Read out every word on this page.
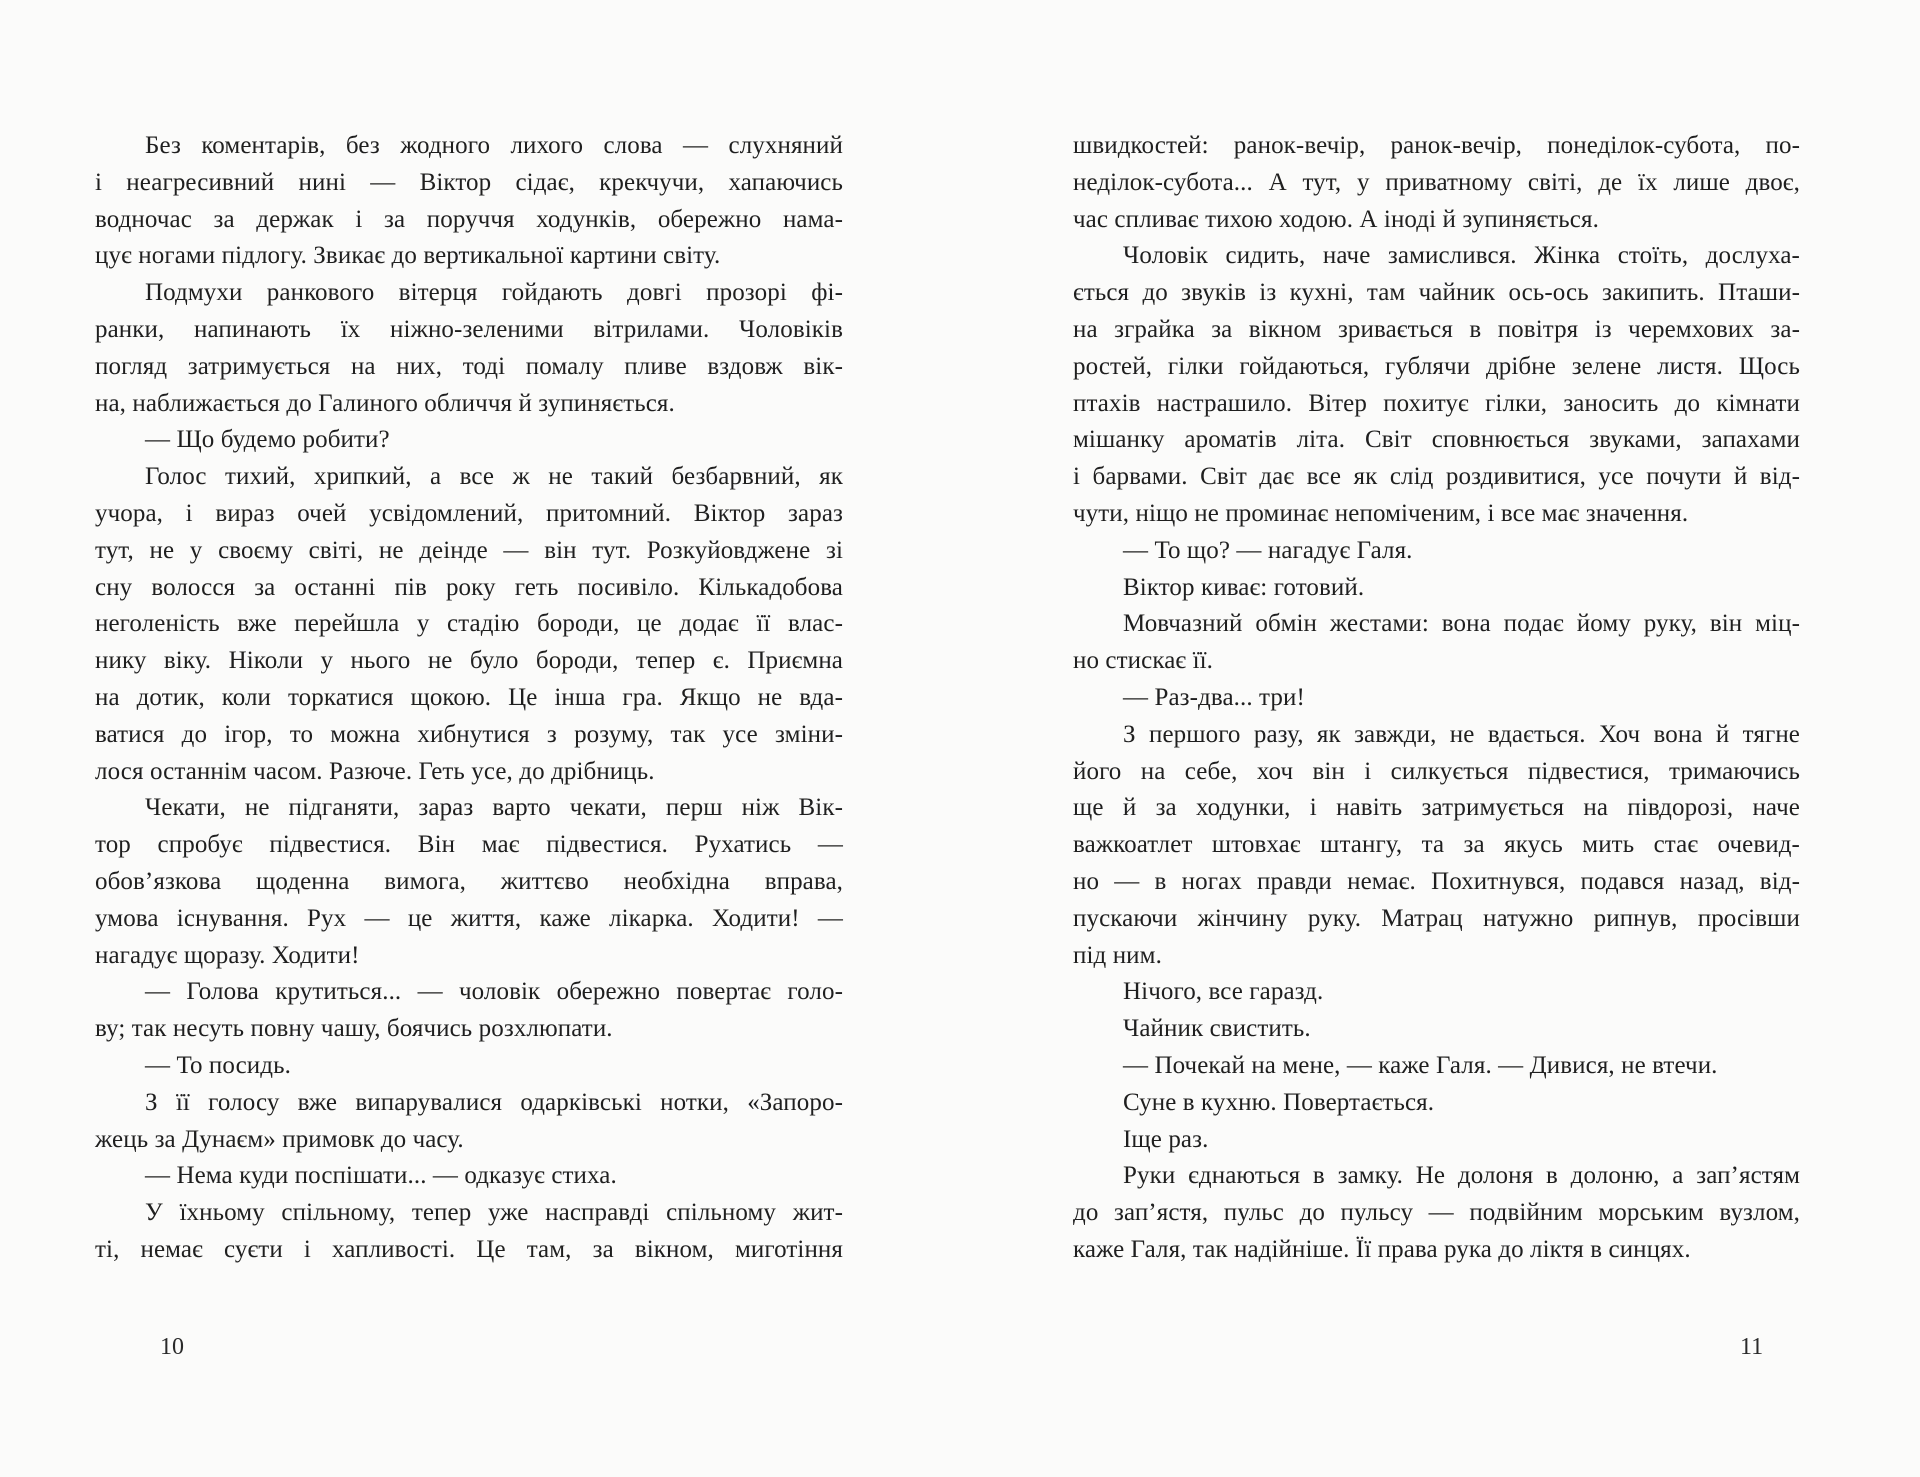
Без коментарів, без жодного лихого слова — слухняний
і неагресивний нині — Віктор сідає, крекчучи, хапаючись
водночас за держак і за поруччя ходунків, обережно нама-
цує ногами підлогу. Звикає до вертикальної картини світу.
Подмухи ранкового вітерця гойдають довгі прозорі фі-
ранки, напинають їх ніжно-зеленими вітрилами. Чоловіків
погляд затримується на них, тоді помалу пливе вздовж вік-
на, наближається до Галиного обличчя й зупиняється.
— Що будемо робити?
Голос тихий, хрипкий, а все ж не такий безбарвний, як
учора, і вираз очей усвідомлений, притомний. Віктор зараз
тут, не у своєму світі, не деінде — він тут. Розкуйовджене зі
сну волосся за останні пів року геть посивіло. Кількадобова
неголеність вже перейшла у стадію бороди, це додає її влас-
нику віку. Ніколи у нього не було бороди, тепер є. Приємна
на дотик, коли торкатися щокою. Це інша гра. Якщо не вда-
ватися до ігор, то можна хибнутися з розуму, так усе зміни-
лося останнім часом. Разюче. Геть усе, до дрібниць.
Чекати, не підганяти, зараз варто чекати, перш ніж Вік-
тор спробує підвестися. Він має підвестися. Рухатись —
обов’язкова щоденна вимога, життєво необхідна вправа,
умова існування. Рух — це життя, каже лікарка. Ходити! —
нагадує щоразу. Ходити!
— Голова крутиться... — чоловік обережно повертає голо-
ву; так несуть повну чашу, боячись розхлюпати.
— То посидь.
З її голосу вже випарувалися одарківські нотки, «Запоро-
жець за Дунаєм» примовк до часу.
— Нема куди поспішати... — одказує стиха.
У їхньому спільному, тепер уже насправді спільному жит-
ті, немає суєти і хапливості. Це там, за вікном, миготіння
10
швидкостей: ранок-вечір, ранок-вечір, понеділок-субота, по-
неділок-субота... А тут, у приватному світі, де їх лише двоє,
час спливає тихою ходою. А іноді й зупиняється.
Чоловік сидить, наче замислився. Жінка стоїть, дослуха-
ється до звуків із кухні, там чайник ось-ось закипить. Пташи-
на зграйка за вікном зривається в повітря із черемхових за-
ростей, гілки гойдаються, гублячи дрібне зелене листя. Щось
птахів настрашило. Вітер похитує гілки, заносить до кімнати
мішанку ароматів літа. Світ сповнюється звуками, запахами
і барвами. Світ дає все як слід роздивитися, усе почути й від-
чути, ніщо не проминає непоміченим, і все має значення.
— То що? — нагадує Галя.
Віктор киває: готовий.
Мовчазний обмін жестами: вона подає йому руку, він міц-
но стискає її.
— Раз-два... три!
З першого разу, як завжди, не вдається. Хоч вона й тягне
його на себе, хоч він і силкується підвестися, тримаючись
ще й за ходунки, і навіть затримується на півдорозі, наче
важкоатлет штовхає штангу, та за якусь мить стає очевид-
но — в ногах правди немає. Похитнувся, подався назад, від-
пускаючи жінчину руку. Матрац натужно рипнув, просівши
під ним.
Нічого, все гаразд.
Чайник свистить.
— Почекай на мене, — каже Галя. — Дивися, не втечи.
Суне в кухню. Повертається.
Іще раз.
Руки єднаються в замку. Не долоня в долоню, а зап’ястям
до зап’ястя, пульс до пульсу — подвійним морським вузлом,
каже Галя, так надійніше. Її права рука до ліктя в синцях.
11
